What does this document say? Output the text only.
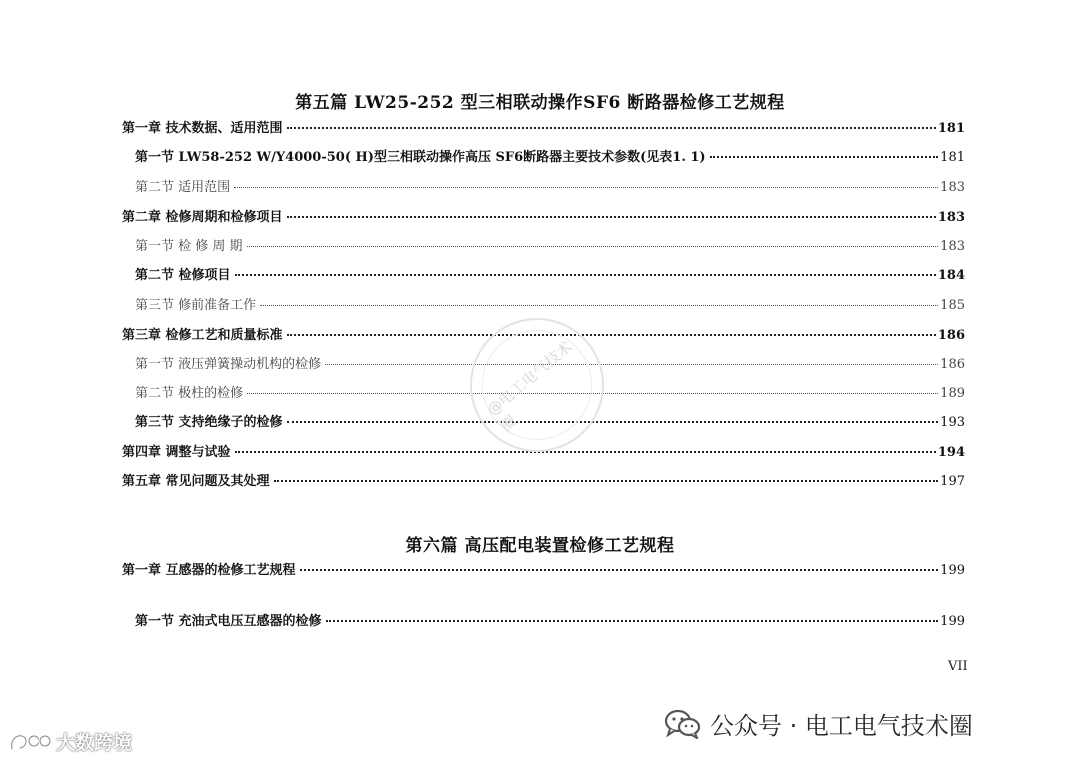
第五篇 LW25-252 型三相联动操作SF6 断路器检修工艺规程
第一章 技术数据、适用范围	181
第一节 LW58-252 W/Y4000-50( H)型三相联动操作高压 SF6断路器主要技术参数(见表1. 1)	181
第二节 适用范围	183
第二章 检修周期和检修项目	183
第一节 检 修 周 期	183
第二节 检修项目	184
第三节 修前准备工作	185
第三章 检修工艺和质量标准	186
第一节 液压弹簧操动机构的检修	186
第二节 极柱的检修	189
第三节 支持绝缘子的检修	193
第四章 调整与试验	194
第五章 常见问题及其处理	197
第六篇 高压配电装置检修工艺规程
第一章 互感器的检修工艺规程	199
第一节 充油式电压互感器的检修	199
VII
@电工电气技术圈
公众号 · 电工电气技术圈
大数跨境
